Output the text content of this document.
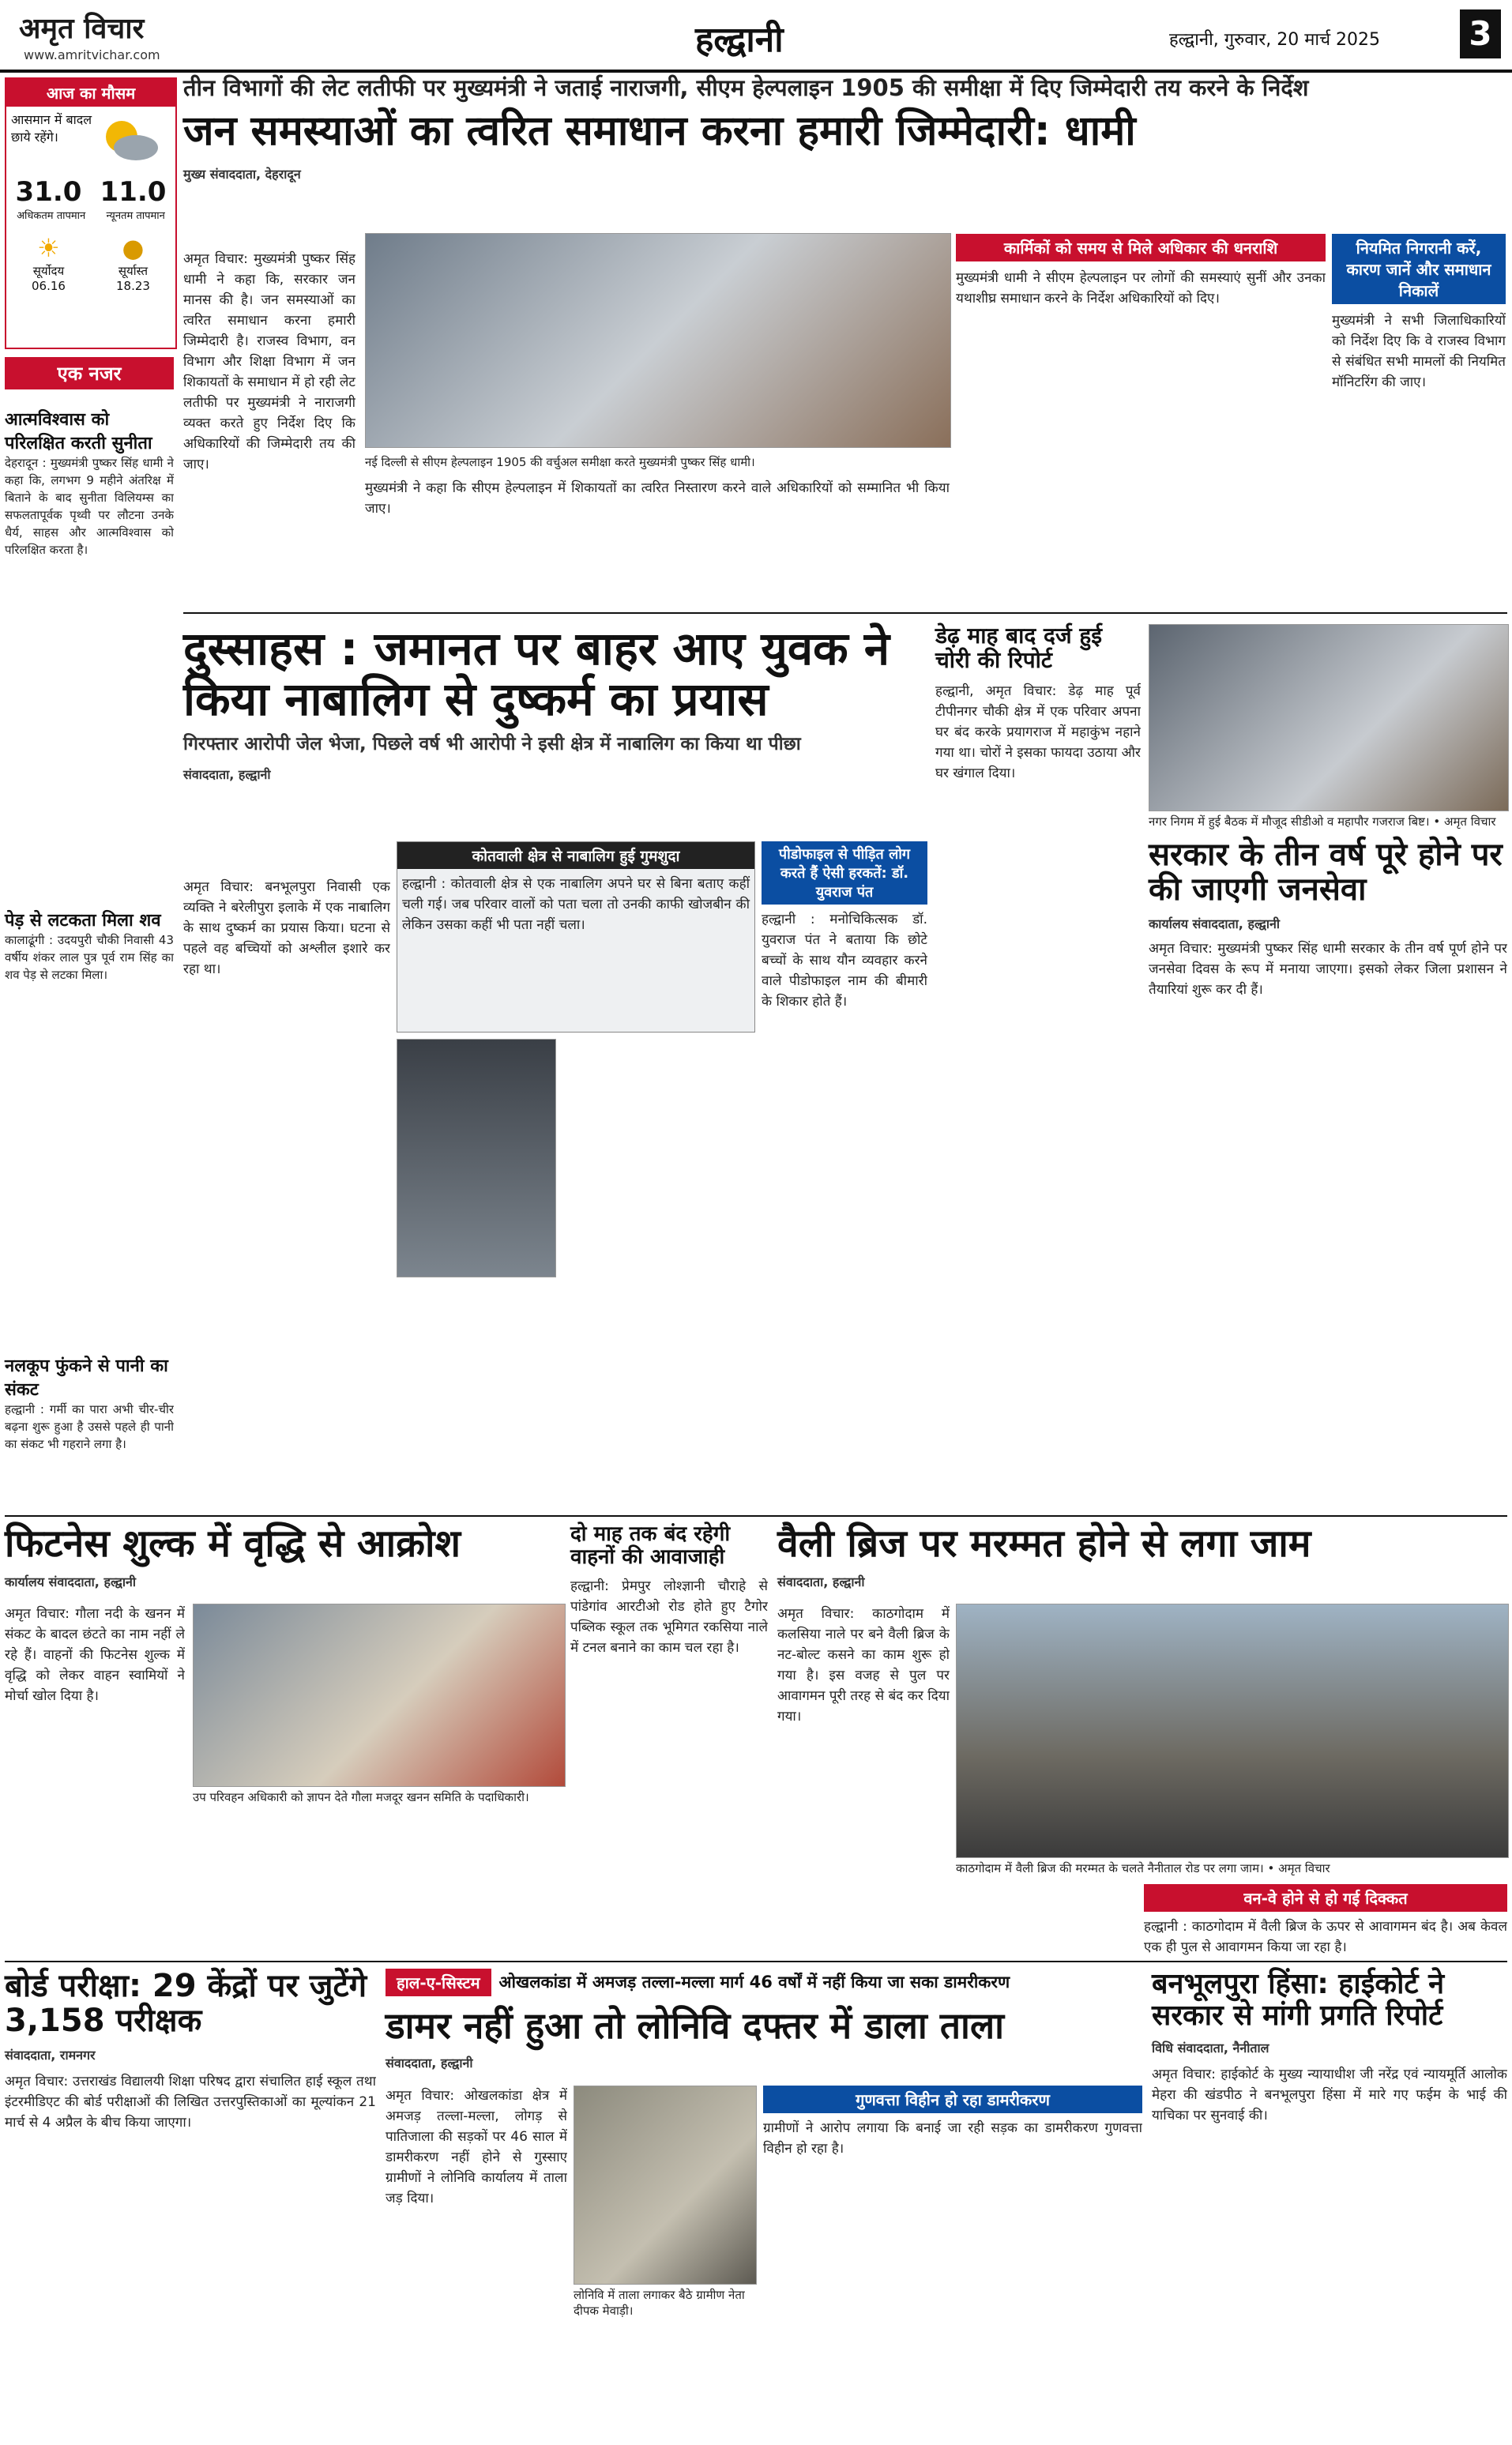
अमृत विचार
www.amritvichar.com	हल्द्वानी	हल्द्वानी, गुरुवार, 20 मार्च 2025	3
आज का मौसम
आसमान में बादल छाये रहेंगे।
31.0 11.0
अधिकतम तापमान न्यूनतम तापमान
☀
सूर्योदय
06.16
●
सूर्यास्त
18.23
एक नजर
आत्मविश्वास को परिलक्षित करती सुनीता
देहरादून : मुख्यमंत्री पुष्कर सिंह धामी ने कहा कि, लगभग 9 महीने अंतरिक्ष में बिताने के बाद सुनीता विलियम्स का सफलतापूर्वक पृथ्वी पर लौटना उनके धैर्य, साहस और आत्मविश्वास को परिलक्षित करता है।
पेड़ से लटकता मिला शव
कालाढूंगी : उदयपुरी चौकी निवासी 43 वर्षीय शंकर लाल पुत्र पूर्व राम सिंह का शव पेड़ से लटका मिला।
नलकूप फुंकने से पानी का संकट
हल्द्वानी : गर्मी का पारा अभी चीर-चीर बढ़ना शुरू हुआ है उससे पहले ही पानी का संकट भी गहराने लगा है।
तीन विभागों की लेट लतीफी पर मुख्यमंत्री ने जताई नाराजगी, सीएम हेल्पलाइन 1905 की समीक्षा में दिए जिम्मेदारी तय करने के निर्देश
जन समस्याओं का त्वरित समाधान करना हमारी जिम्मेदारी: धामी
मुख्य संवाददाता, देहरादून
अमृत विचार: मुख्यमंत्री पुष्कर सिंह धामी ने कहा कि, सरकार जन मानस की है। जन समस्याओं का त्वरित समाधान करना हमारी जिम्मेदारी है। राजस्व विभाग, वन विभाग और शिक्षा विभाग में जन शिकायतों के समाधान में हो रही लेट लतीफी पर मुख्यमंत्री ने नाराजगी व्यक्त करते हुए निर्देश दिए कि अधिकारियों की जिम्मेदारी तय की जाए।	नई दिल्ली से सीएम हेल्पलाइन 1905 की वर्चुअल समीक्षा करते मुख्यमंत्री पुष्कर सिंह धामी।
मुख्यमंत्री ने कहा कि सीएम हेल्पलाइन में शिकायतों का त्वरित निस्तारण करने वाले अधिकारियों को सम्मानित भी किया जाए।
कार्मिकों को समय से मिले अधिकार की धनराशि
मुख्यमंत्री धामी ने सीएम हेल्पलाइन पर लोगों की समस्याएं सुनीं और उनका यथाशीघ्र समाधान करने के निर्देश अधिकारियों को दिए।
नियमित निगरानी करें, कारण जानें और समाधान निकालें
मुख्यमंत्री ने सभी जिलाधिकारियों को निर्देश दिए कि वे राजस्व विभाग से संबंधित सभी मामलों की नियमित मॉनिटरिंग की जाए।
दुस्साहस : जमानत पर बाहर आए युवक ने किया नाबालिग से दुष्कर्म का प्रयास
गिरफ्तार आरोपी जेल भेजा, पिछले वर्ष भी आरोपी ने इसी क्षेत्र में नाबालिग का किया था पीछा
संवाददाता, हल्द्वानी
कोतवाली क्षेत्र से नाबालिग हुई गुमशुदा
हल्द्वानी : कोतवाली क्षेत्र से एक नाबालिग अपने घर से बिना बताए कहीं चली गई। जब परिवार वालों को पता चला तो उनकी काफी खोजबीन की लेकिन उसका कहीं भी पता नहीं चला।
अमृत विचार: बनभूलपुरा निवासी एक व्यक्ति ने बरेलीपुरा इलाके में एक नाबालिग के साथ दुष्कर्म का प्रयास किया। घटना से पहले वह बच्चियों को अश्लील इशारे कर रहा था।
पीडोफाइल से पीड़ित लोग करते हैं ऐसी हरकतें: डॉ. युवराज पंत
हल्द्वानी : मनोचिकित्सक डॉ. युवराज पंत ने बताया कि छोटे बच्चों के साथ यौन व्यवहार करने वाले पीडोफाइल नाम की बीमारी के शिकार होते हैं।
डेढ़ माह बाद दर्ज हुई चोरी की रिपोर्ट
हल्द्वानी, अमृत विचार: डेढ़ माह पूर्व टीपीनगर चौकी क्षेत्र में एक परिवार अपना घर बंद करके प्रयागराज में महाकुंभ नहाने गया था। चोरों ने इसका फायदा उठाया और घर खंगाल दिया।
नगर निगम में हुई बैठक में मौजूद सीडीओ व महापौर गजराज बिष्ट। • अमृत विचार
सरकार के तीन वर्ष पूरे होने पर की जाएगी जनसेवा
कार्यालय संवाददाता, हल्द्वानी
अमृत विचार: मुख्यमंत्री पुष्कर सिंह धामी सरकार के तीन वर्ष पूर्ण होने पर जनसेवा दिवस के रूप में मनाया जाएगा। इसको लेकर जिला प्रशासन ने तैयारियां शुरू कर दी हैं।
फिटनेस शुल्क में वृद्धि से आक्रोश
कार्यालय संवाददाता, हल्द्वानी
अमृत विचार: गौला नदी के खनन में संकट के बादल छंटते का नाम नहीं ले रहे हैं। वाहनों की फिटनेस शुल्क में वृद्धि को लेकर वाहन स्वामियों ने मोर्चा खोल दिया है।
उप परिवहन अधिकारी को ज्ञापन देते गौला मजदूर खनन समिति के पदाधिकारी।
दो माह तक बंद रहेगी वाहनों की आवाजाही
हल्द्वानी: प्रेमपुर लोश्ज्ञानी चौराहे से पांडेगांव आरटीओ रोड होते हुए टैगोर पब्लिक स्कूल तक भूमिगत रकसिया नाले में टनल बनाने का काम चल रहा है।
वैली ब्रिज पर मरम्मत होने से लगा जाम
संवाददाता, हल्द्वानी
अमृत विचार: काठगोदाम में कलसिया नाले पर बने वैली ब्रिज के नट-बोल्ट कसने का काम शुरू हो गया है। इस वजह से पुल पर आवागमन पूरी तरह से बंद कर दिया गया।
काठगोदाम में वैली ब्रिज की मरम्मत के चलते नैनीताल रोड पर लगा जाम। • अमृत विचार
वन-वे होने से हो गई दिक्कत
हल्द्वानी : काठगोदाम में वैली ब्रिज के ऊपर से आवागमन बंद है। अब केवल एक ही पुल से आवागमन किया जा रहा है।
बोर्ड परीक्षा: 29 केंद्रों पर जुटेंगे 3,158 परीक्षक
संवाददाता, रामनगर
अमृत विचार: उत्तराखंड विद्यालयी शिक्षा परिषद द्वारा संचालित हाई स्कूल तथा इंटरमीडिएट की बोर्ड परीक्षाओं की लिखित उत्तरपुस्तिकाओं का मूल्यांकन 21 मार्च से 4 अप्रैल के बीच किया जाएगा।
हाल-ए-सिस्टम	ओखलकांडा में अमजड़ तल्ला-मल्ला मार्ग 46 वर्षों में नहीं किया जा सका डामरीकरण
डामर नहीं हुआ तो लोनिवि दफ्तर में डाला ताला
संवाददाता, हल्द्वानी
अमृत विचार: ओखलकांडा क्षेत्र में अमजड़ तल्ला-मल्ला, लोगड़ से पातिजाला की सड़कों पर 46 साल में डामरीकरण नहीं होने से गुस्साए ग्रामीणों ने लोनिवि कार्यालय में ताला जड़ दिया।
लोनिवि में ताला लगाकर बैठे ग्रामीण नेता दीपक मेवाड़ी।
गुणवत्ता विहीन हो रहा डामरीकरण
ग्रामीणों ने आरोप लगाया कि बनाई जा रही सड़क का डामरीकरण गुणवत्ता विहीन हो रहा है।
बनभूलपुरा हिंसा: हाईकोर्ट ने सरकार से मांगी प्रगति रिपोर्ट
विधि संवाददाता, नैनीताल
अमृत विचार: हाईकोर्ट के मुख्य न्यायाधीश जी नरेंद्र एवं न्यायमूर्ति आलोक मेहरा की खंडपीठ ने बनभूलपुरा हिंसा में मारे गए फईम के भाई की याचिका पर सुनवाई की।
